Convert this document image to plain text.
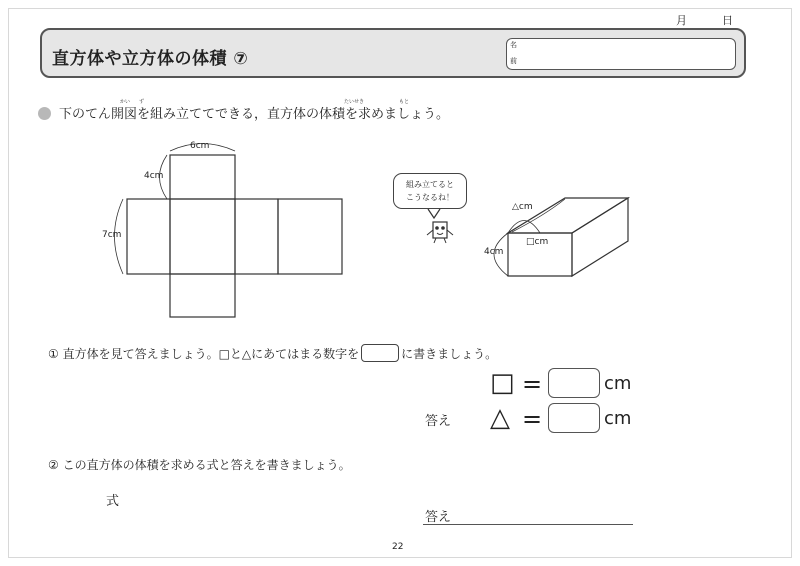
月	日
直方体や立方体の体積 ⑦
名
前
下のてん開図を組み立ててできる，直方体の体積を求めましょう。
かい ず	たいせき	もと
6cm
4cm
7cm
組み立てると
こうなるね！
△cm
□cm
4cm
① 直方体を見て答えましょう。□と△にあてはまる数字を	に書きましょう。
□ =	cm
答え △ =	cm
② この直方体の体積を求める式と答えを書きましょう。
式
答え
22
